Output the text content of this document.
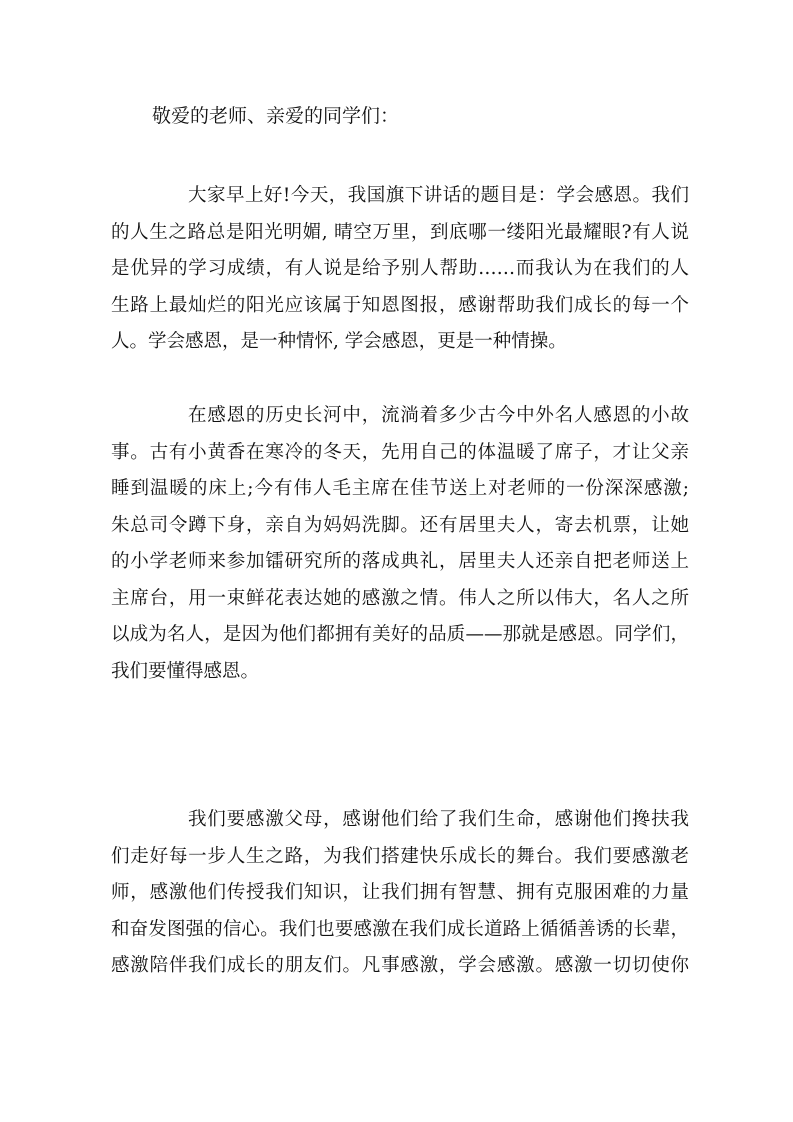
敬爱的老师、亲爱的同学们：

大家早上好!今天，我国旗下讲话的题目是：学会感恩。我们
的人生之路总是阳光明媚, 晴空万里，到底哪一缕阳光最耀眼?有人说
是优异的学习成绩，有人说是给予别人帮助……而我认为在我们的人
生路上最灿烂的阳光应该属于知恩图报，感谢帮助我们成长的每一个
人。学会感恩，是一种情怀, 学会感恩，更是一种情操。
在感恩的历史长河中，流淌着多少古今中外名人感恩的小故
事。古有小黄香在寒冷的冬天，先用自己的体温暖了席子，才让父亲
睡到温暖的床上;今有伟人毛主席在佳节送上对老师的一份深深感激;
朱总司令蹲下身，亲自为妈妈洗脚。还有居里夫人，寄去机票，让她
的小学老师来参加镭研究所的落成典礼，居里夫人还亲自把老师送上
主席台，用一束鲜花表达她的感激之情。伟人之所以伟大，名人之所
以成为名人，是因为他们都拥有美好的品质——那就是感恩。同学们，
我们要懂得感恩。
我们要感激父母，感谢他们给了我们生命，感谢他们搀扶我
们走好每一步人生之路，为我们搭建快乐成长的舞台。我们要感激老
师，感激他们传授我们知识，让我们拥有智慧、拥有克服困难的力量
和奋发图强的信心。我们也要感激在我们成长道路上循循善诱的长辈，
感激陪伴我们成长的朋友们。凡事感激，学会感激。感激一切切使你
